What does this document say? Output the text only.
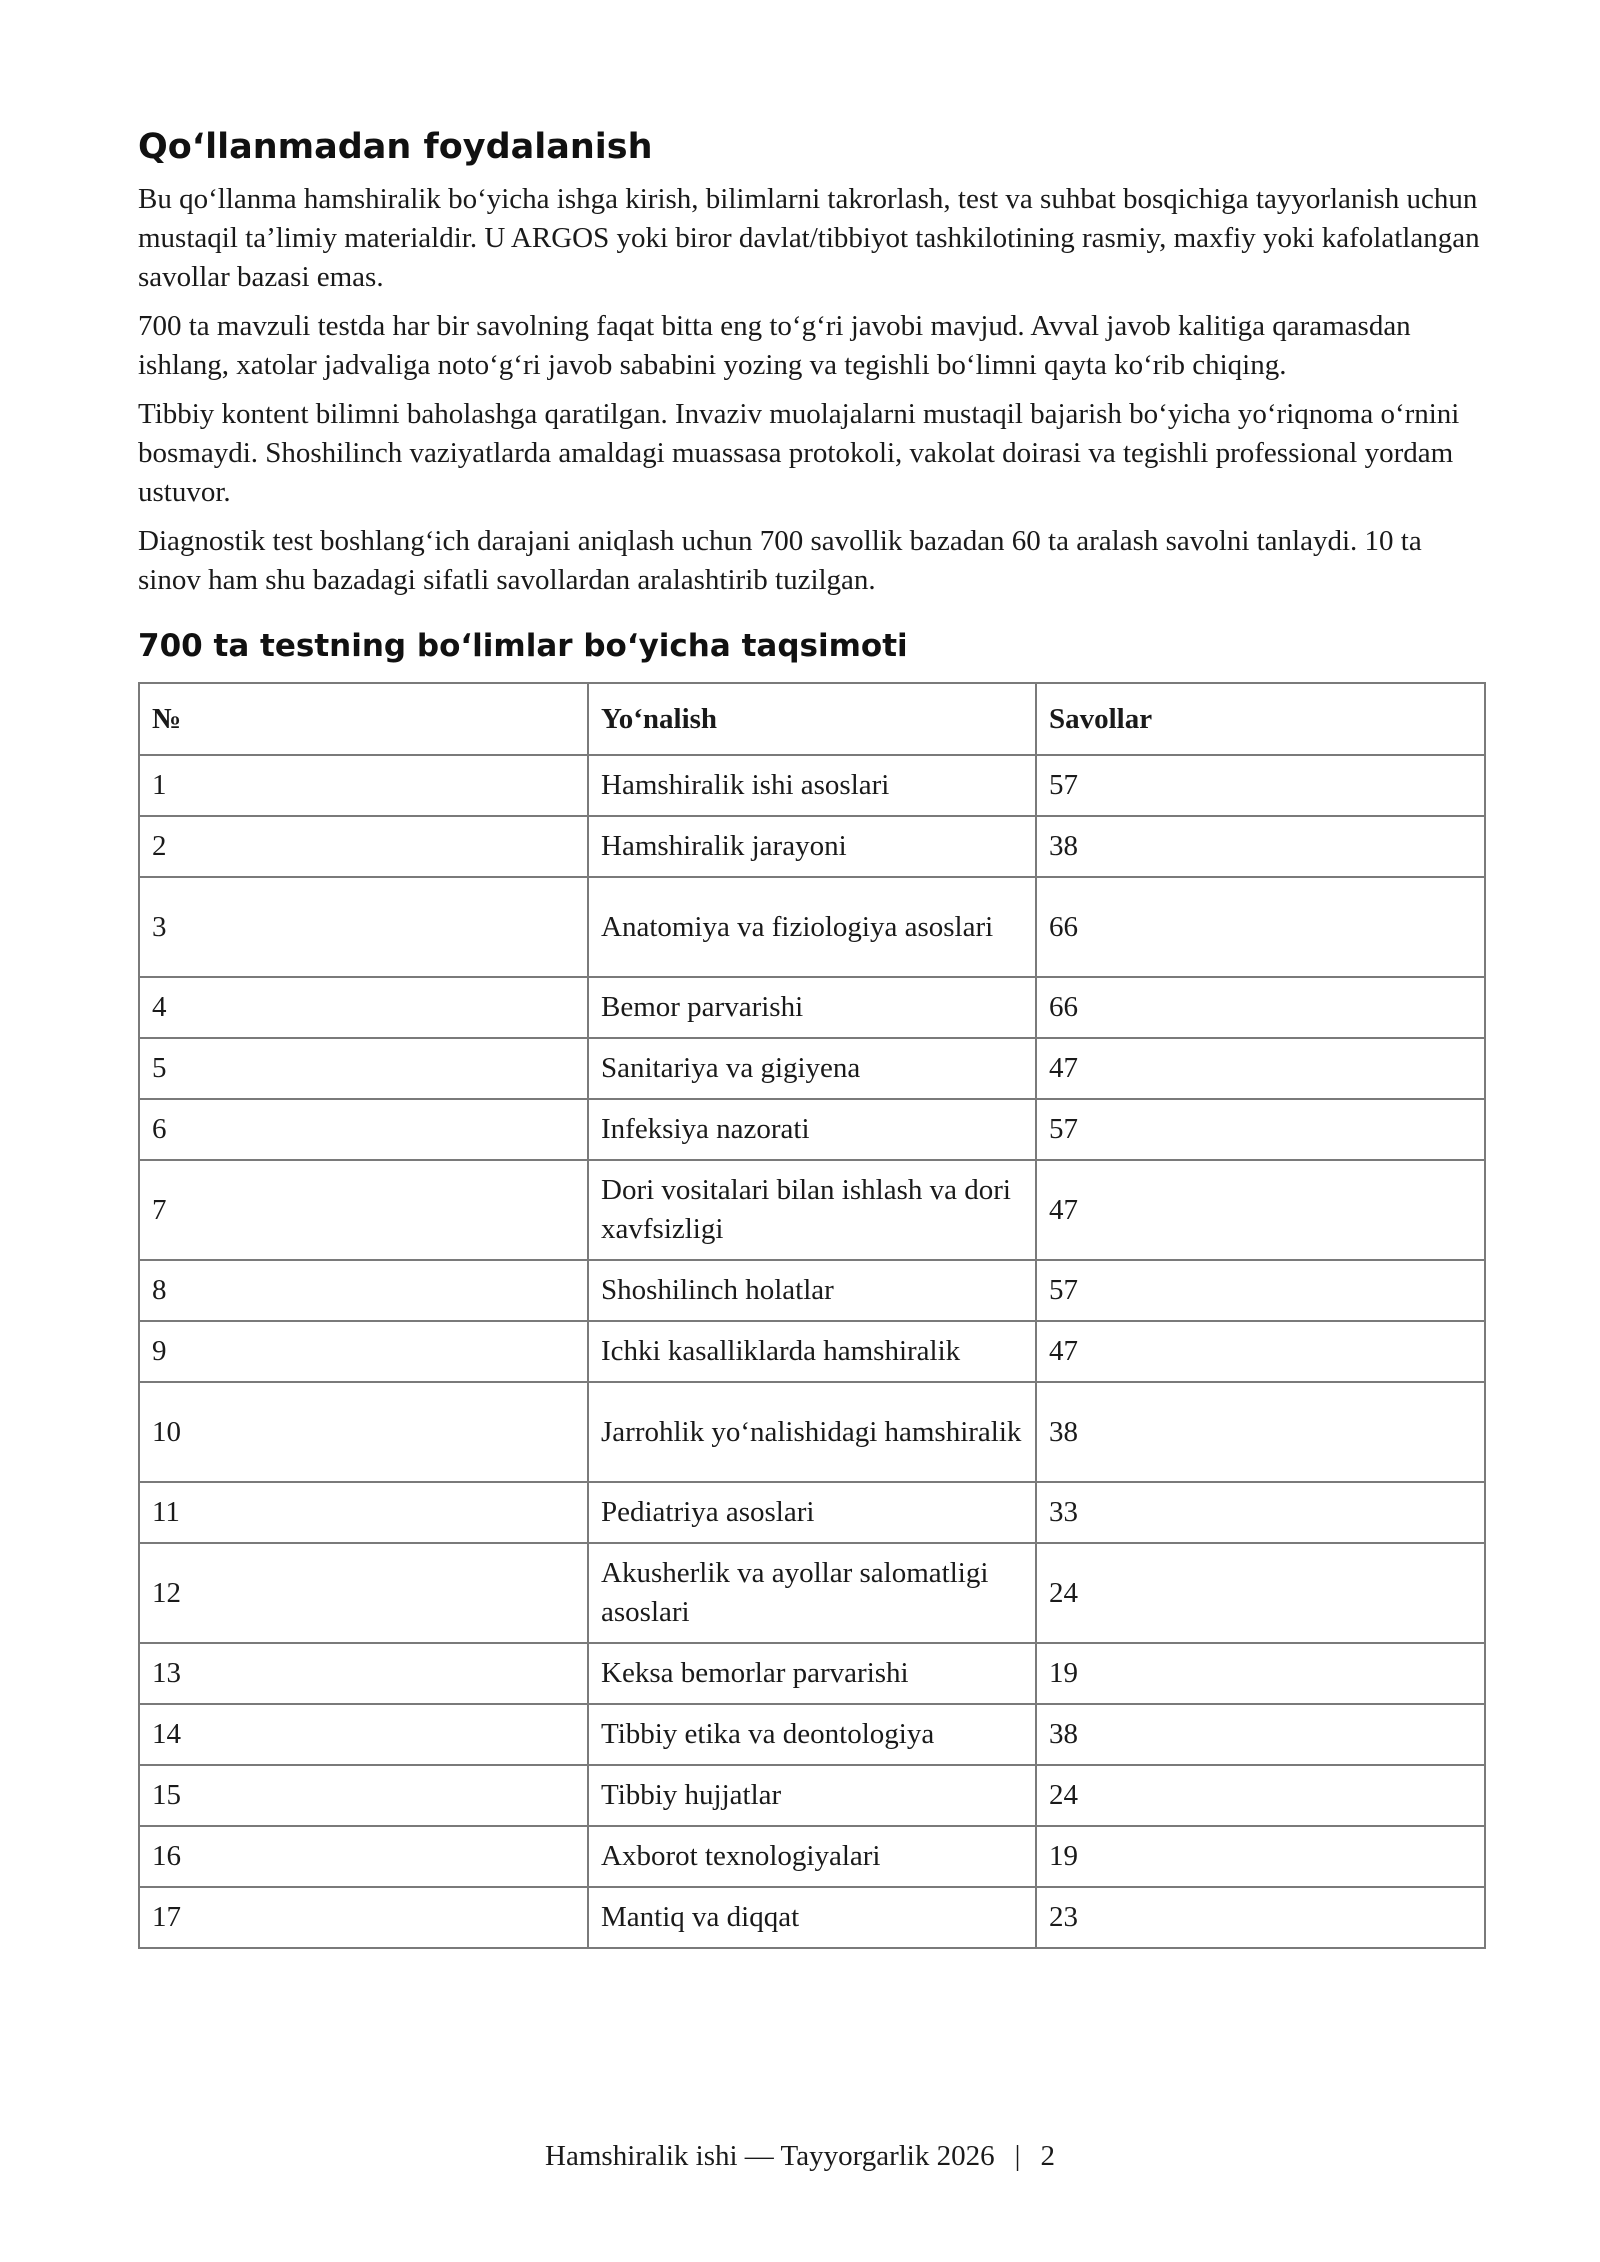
Qoʻllanmadan foydalanish

Bu qoʻllanma hamshiralik boʻyicha ishga kirish, bilimlarni takrorlash, test va suhbat bosqichiga tayyorlanish uchun mustaqil taʼlimiy materialdir. U ARGOS yoki biror davlat/tibbiyot tashkilotining rasmiy, maxfiy yoki kafolatlangan savollar bazasi emas.

700 ta mavzuli testda har bir savolning faqat bitta eng toʻgʻri javobi mavjud. Avval javob kalitiga qaramasdan ishlang, xatolar jadvaliga notoʻgʻri javob sababini yozing va tegishli boʻlimni qayta koʻrib chiqing.

Tibbiy kontent bilimni baholashga qaratilgan. Invaziv muolajalarni mustaqil bajarish boʻyicha yoʻriqnoma oʻrnini bosmaydi. Shoshilinch vaziyatlarda amaldagi muassasa protokoli, vakolat doirasi va tegishli professional yordam ustuvor.

Diagnostik test boshlangʻich darajani aniqlash uchun 700 savollik bazadan 60 ta aralash savolni tanlaydi. 10 ta sinov ham shu bazadagi sifatli savollardan aralashtirib tuzilgan.

700 ta testning boʻlimlar boʻyicha taqsimoti
№	Yoʻnalish	Savollar
1	Hamshiralik ishi asoslari	57
2	Hamshiralik jarayoni	38
3	Anatomiya va fiziologiya asoslari	66
4	Bemor parvarishi	66
5	Sanitariya va gigiyena	47
6	Infeksiya nazorati	57
7	Dori vositalari bilan ishlash va dori xavfsizligi	47
8	Shoshilinch holatlar	57
9	Ichki kasalliklarda hamshiralik	47
10	Jarrohlik yoʻnalishidagi hamshiralik	38
11	Pediatriya asoslari	33
12	Akusherlik va ayollar salomatligi asoslari	24
13	Keksa bemorlar parvarishi	19
14	Tibbiy etika va deontologiya	38
15	Tibbiy hujjatlar	24
16	Axborot texnologiyalari	19
17	Mantiq va diqqat	23
Hamshiralik ishi — Tayyorgarlik 2026 | 2
